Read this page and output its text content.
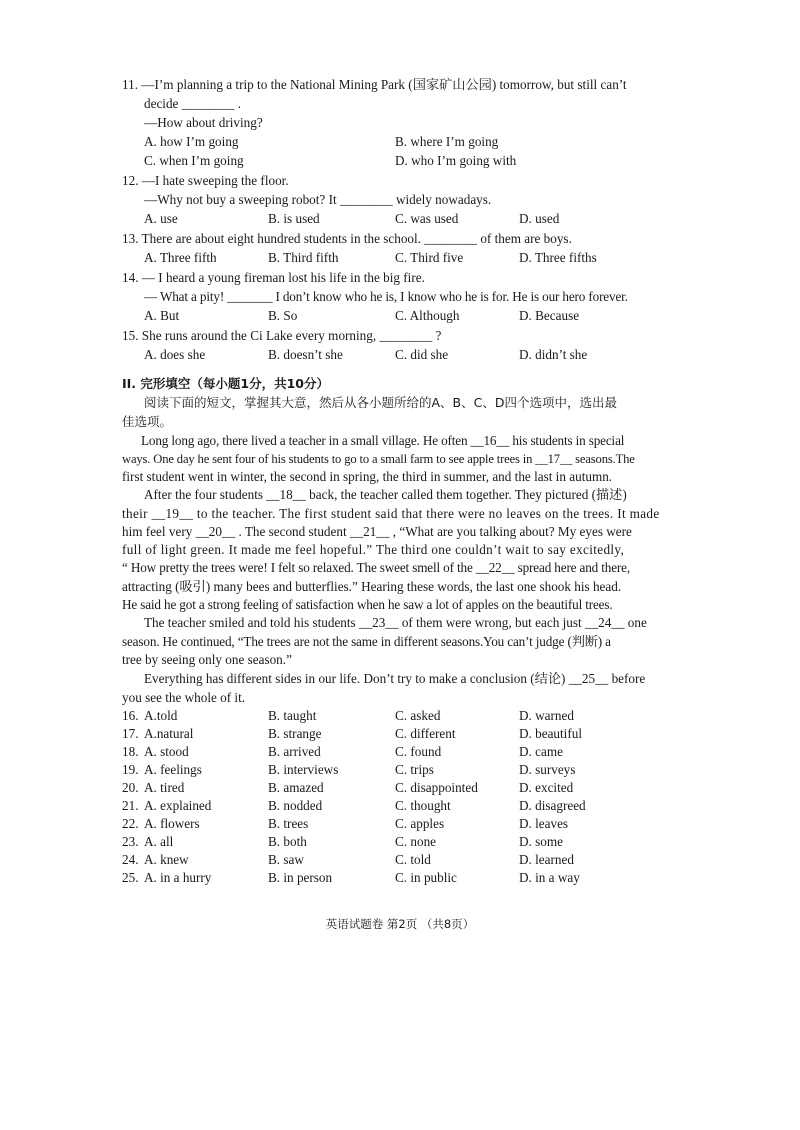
11. —I’m planning a trip to the National Mining Park (国家矿山公园) tomorrow, but still can’t
decide ________ .
—How about driving?
A. how I’m going	B. where I’m going
C. when I’m going	D. who I’m going with
12. —I hate sweeping the floor.
—Why not buy a sweeping robot? It ________ widely nowadays.
A. use	B. is used	C. was used	D. used
13. There are about eight hundred students in the school. ________ of them are boys.
A. Three fifth	B. Third fifth	C. Third five	D. Three fifths
14. — I heard a young fireman lost his life in the big fire.
— What a pity! _______ I don’t know who he is, I know who he is for. He is our hero forever.
A. But	B. So	C. Although	D. Because
15. She runs around the Ci Lake every morning, ________ ?
A. does she	B. doesn’t she	C. did she	D. didn’t she
II. 完形填空（每小题1分，共10分）
阅读下面的短文，掌握其大意，然后从各小题所给的A、B、C、D四个选项中，选出最
佳选项。
Long long ago, there lived a teacher in a small village. He often __16__ his students in special
ways. One day he sent four of his students to go to a small farm to see apple trees in __17__ seasons.The
first student went in winter, the second in spring, the third in summer, and the last in autumn.
After the four students __18__ back, the teacher called them together. They pictured (描述)
their __19__ to the teacher. The first student said that there were no leaves on the trees. It made
him feel very __20__ . The second student __21__ , “What are you talking about? My eyes were
full of light green. It made me feel hopeful.” The third one couldn’t wait to say excitedly,
“ How pretty the trees were! I felt so relaxed. The sweet smell of the __22__ spread here and there,
attracting (吸引) many bees and butterflies.” Hearing these words, the last one shook his head.
He said he got a strong feeling of satisfaction when he saw a lot of apples on the beautiful trees.
The teacher smiled and told his students __23__ of them were wrong, but each just __24__ one
season. He continued, “The trees are not the same in different seasons.You can’t judge (判断) a
tree by seeing only one season.”
Everything has different sides in our life. Don’t try to make a conclusion (结论) __25__ before
you see the whole of it.
16. A.told	B. taught	C. asked	D. warned
17. A.natural	B. strange	C. different	D. beautiful
18. A. stood	B. arrived	C. found	D. came
19. A. feelings	B. interviews	C. trips	D. surveys
20. A. tired	B. amazed	C. disappointed	D. excited
21. A. explained	B. nodded	C. thought	D. disagreed
22. A. flowers	B. trees	C. apples	D. leaves
23. A. all	B. both	C. none	D. some
24. A. knew	B. saw	C. told	D. learned
25. A. in a hurry	B. in person	C. in public	D. in a way
英语试题卷 第2页 （共8页）
